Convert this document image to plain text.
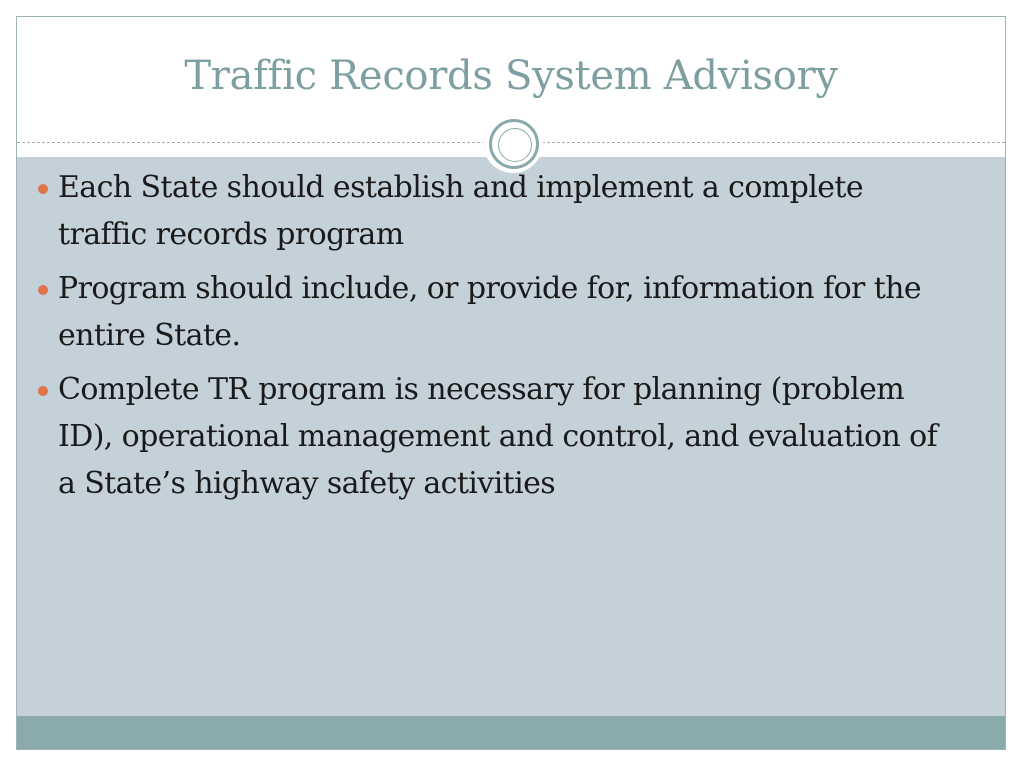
Traffic Records System Advisory
Each State should establish and implement a complete traffic records program
Program should include, or provide for, information for the entire State.
Complete TR program is necessary for planning (problem ID), operational management and control, and evaluation of a State’s highway safety activities
